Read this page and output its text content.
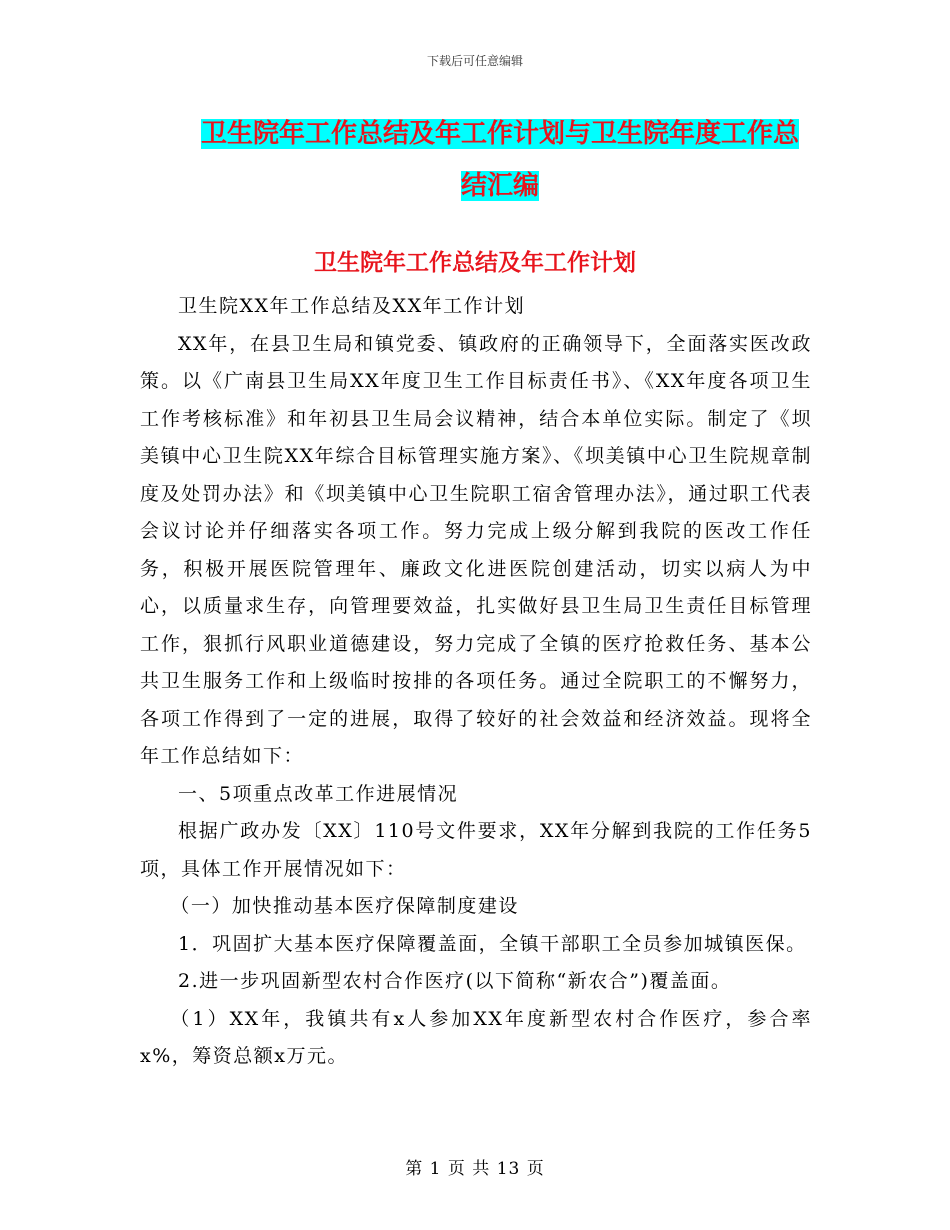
下载后可任意编辑
卫生院年工作总结及年工作计划与卫生院年度工作总
结汇编
卫生院年工作总结及年工作计划

卫生院XX年工作总结及XX年工作计划

XX年，在县卫生局和镇党委、镇政府的正确领导下，全面落实医改政策。以《广南县卫生局XX年度卫生工作目标责任书》、《XX年度各项卫生工作考核标准》和年初县卫生局会议精神，结合本单位实际。制定了《坝美镇中心卫生院XX年综合目标管理实施方案》、《坝美镇中心卫生院规章制度及处罚办法》和《坝美镇中心卫生院职工宿舍管理办法》，通过职工代表会议讨论并仔细落实各项工作。努力完成上级分解到我院的医改工作任务，积极开展医院管理年、廉政文化进医院创建活动，切实以病人为中心，以质量求生存，向管理要效益，扎实做好县卫生局卫生责任目标管理工作，狠抓行风职业道德建设，努力完成了全镇的医疗抢救任务、基本公共卫生服务工作和上级临时按排的各项任务。通过全院职工的不懈努力，各项工作得到了一定的进展，取得了较好的社会效益和经济效益。现将全年工作总结如下：

一、5项重点改革工作进展情况

根据广政办发〔XX〕110号文件要求，XX年分解到我院的工作任务5项，具体工作开展情况如下：

（一）加快推动基本医疗保障制度建设

1．巩固扩大基本医疗保障覆盖面，全镇干部职工全员参加城镇医保。

2.进一步巩固新型农村合作医疗(以下简称“新农合”)覆盖面。

（1）XX年，我镇共有x人参加XX年度新型农村合作医疗，参合率x%，筹资总额x万元。

第 1 页 共 13 页
